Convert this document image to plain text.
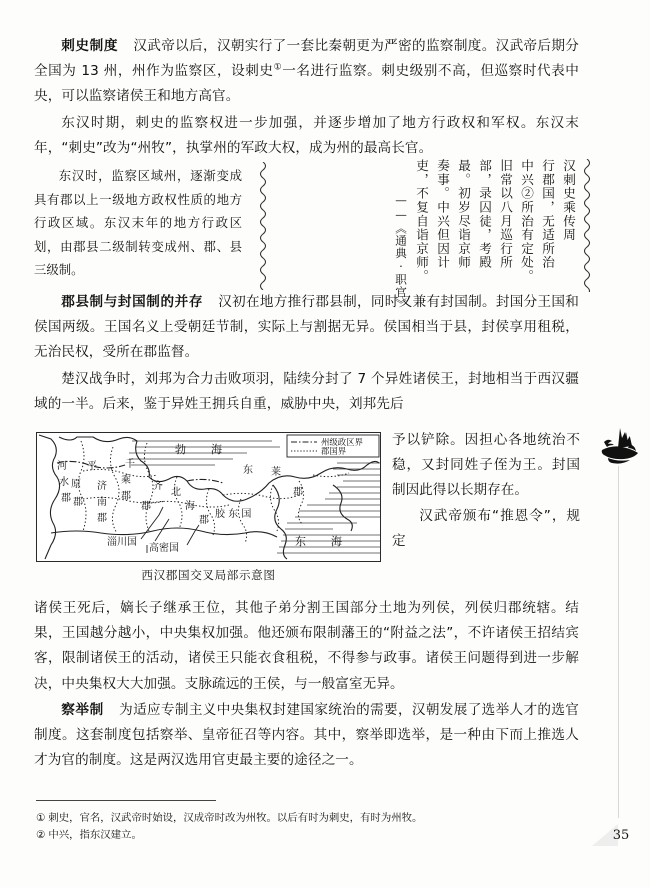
刺史制度 汉武帝以后，汉朝实行了一套比秦朝更为严密的监察制度。汉武帝后期分全国为 13 州，州作为监察区，设刺史①一名进行监察。刺史级别不高，但巡察时代表中央，可以监察诸侯王和地方高官。

东汉时期，刺史的监察权进一步加强，并逐步增加了地方行政权和军权。东汉末年，“刺史”改为“州牧”，执掌州的军政大权，成为州的最高长官。

东汉时，监察区域州，逐渐变成具有郡以上一级地方政权性质的地方行政区域。东汉末年的地方行政区划，由郡县二级制转变成州、郡、县三级制。
汉刺史乘传周
行郡国，无适所治
中兴②所治有定处。
旧常以八月巡行所
部，录囚徒，考殿
最。初岁尽诣京师
奏事。中兴但因计
吏，不复自诣京师。
——《通典·职官》

郡县制与封国制的并存 汉初在地方推行郡县制，同时又兼有封国制。封国分王国和侯国两级。王国名义上受朝廷节制，实际上与割据无异。侯国相当于县，封侯享用租税，无治民权，受所在郡监督。

楚汉战争时，刘邦为合力击败项羽，陆续分封了 7 个异姓诸侯王，封地相当于西汉疆域的一半。后来，鉴于异姓王拥兵自重，威胁中央，刘邦先后

勃　海
东　海
河
水
郡
平
原
郡
济
南
郡
千
乘
郡
齐
郡
北
海
郡
东 莱
郡
胶 东 国
淄川国
高密国
州级政区界
郡国界
西汉郡国交叉局部示意图

予以铲除。因担心各地统治不稳，又封同姓子侄为王。封国制因此得以长期存在。

汉武帝颁布“推恩令”，规定

诸侯王死后，嫡长子继承王位，其他子弟分割王国部分土地为列侯，列侯归郡统辖。结果，王国越分越小，中央集权加强。他还颁布限制藩王的“附益之法”，不许诸侯王招结宾客，限制诸侯王的活动，诸侯王只能衣食租税，不得参与政事。诸侯王问题得到进一步解决，中央集权大大加强。支脉疏远的王侯，与一般富室无异。

察举制 为适应专制主义中央集权封建国家统治的需要，汉朝发展了选举人才的选官制度。这套制度包括察举、皇帝征召等内容。其中，察举即选举，是一种由下而上推选人才为官的制度。这是两汉选用官吏最主要的途径之一。

① 刺史，官名，汉武帝时始设，汉成帝时改为州牧。以后有时为刺史，有时为州牧。
② 中兴，指东汉建立。	35
